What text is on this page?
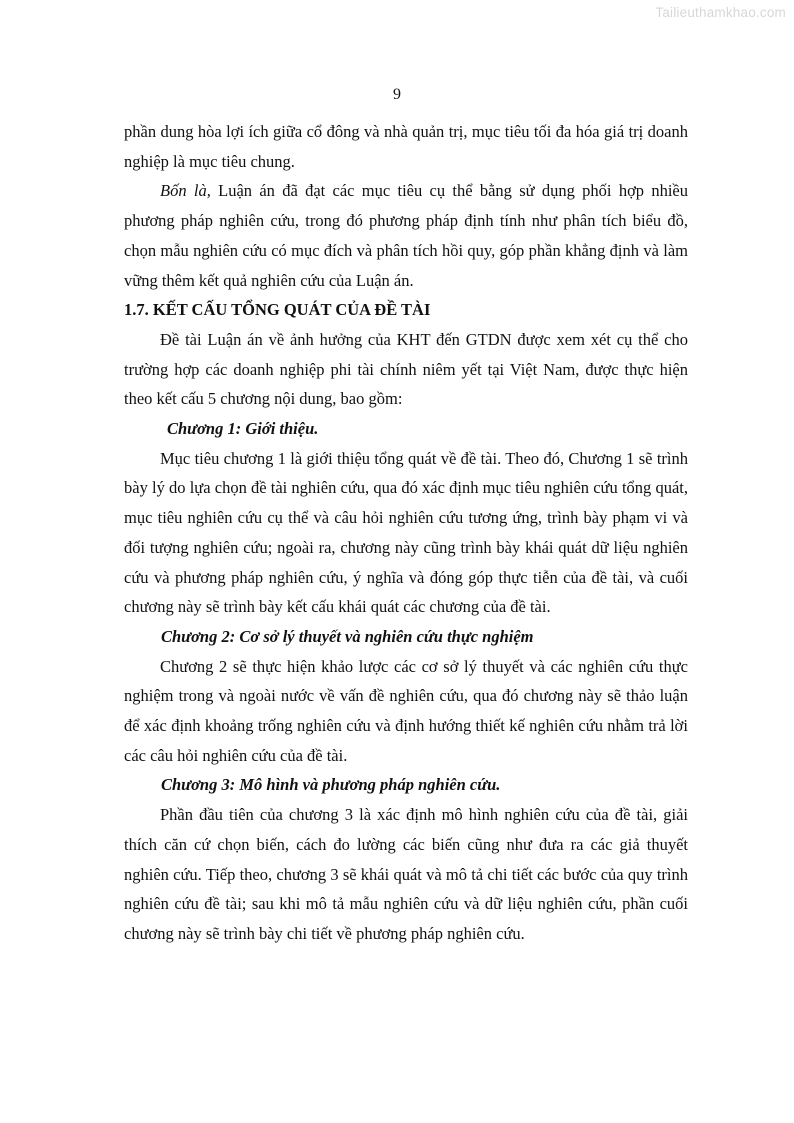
Tailieuthamkhao.com
9

phần dung hòa lợi ích giữa cổ đông và nhà quản trị, mục tiêu tối đa hóa giá trị doanh nghiệp là mục tiêu chung.

Bốn là, Luận án đã đạt các mục tiêu cụ thể bằng sử dụng phối hợp nhiều phương pháp nghiên cứu, trong đó phương pháp định tính như phân tích biểu đồ, chọn mẫu nghiên cứu có mục đích và phân tích hồi quy, góp phần khẳng định và làm vững thêm kết quả nghiên cứu của Luận án.

1.7. KẾT CẤU TỔNG QUÁT CỦA ĐỀ TÀI

Đề tài Luận án về ảnh hưởng của KHT đến GTDN được xem xét cụ thể cho trường hợp các doanh nghiệp phi tài chính niêm yết tại Việt Nam, được thực hiện theo kết cấu 5 chương nội dung, bao gồm:

Chương 1: Giới thiệu.

Mục tiêu chương 1 là giới thiệu tổng quát về đề tài. Theo đó, Chương 1 sẽ trình bày lý do lựa chọn đề tài nghiên cứu, qua đó xác định mục tiêu nghiên cứu tổng quát, mục tiêu nghiên cứu cụ thể và câu hỏi nghiên cứu tương ứng, trình bày phạm vi và đối tượng nghiên cứu; ngoài ra, chương này cũng trình bày khái quát dữ liệu nghiên cứu và phương pháp nghiên cứu, ý nghĩa và đóng góp thực tiễn của đề tài, và cuối chương này sẽ trình bày kết cấu khái quát các chương của đề tài.

Chương 2: Cơ sở lý thuyết và nghiên cứu thực nghiệm

Chương 2 sẽ thực hiện khảo lược các cơ sở lý thuyết và các nghiên cứu thực nghiệm trong và ngoài nước về vấn đề nghiên cứu, qua đó chương này sẽ thảo luận để xác định khoảng trống nghiên cứu và định hướng thiết kế nghiên cứu nhằm trả lời các câu hỏi nghiên cứu của đề tài.

Chương 3: Mô hình và phương pháp nghiên cứu.

Phần đầu tiên của chương 3 là xác định mô hình nghiên cứu của đề tài, giải thích căn cứ chọn biến, cách đo lường các biến cũng như đưa ra các giả thuyết nghiên cứu. Tiếp theo, chương 3 sẽ khái quát và mô tả chi tiết các bước của quy trình nghiên cứu đề tài; sau khi mô tả mẫu nghiên cứu và dữ liệu nghiên cứu, phần cuối chương này sẽ trình bày chi tiết về phương pháp nghiên cứu.
